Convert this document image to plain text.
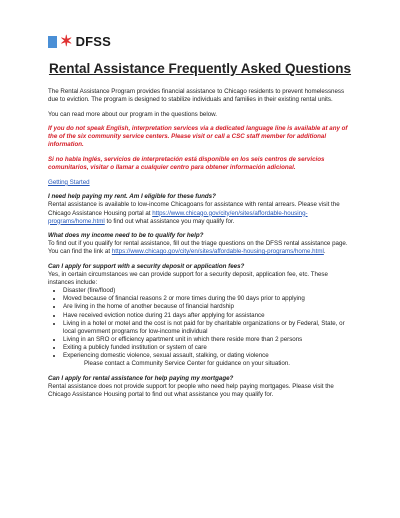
✶ DFSS
Rental Assistance Frequently Asked Questions

The Rental Assistance Program provides financial assistance to Chicago residents to prevent homelessness due to eviction. The program is designed to stabilize individuals and families in their existing rental units.

You can read more about our program in the questions below.

If you do not speak English, interpretation services via a dedicated language line is available at any of the of the six community service centers. Please visit or call a CSC staff member for additional information.

Si no habla Inglés, servicios de interpretación está disponible en los seis centros de servicios comunitarios, visitar o llamar a cualquier centro para obtener información adicional.

Getting Started

I need help paying my rent. Am I eligible for these funds?

Rental assistance is available to low-income Chicagoans for assistance with rental arrears. Please visit the Chicago Assistance Housing portal at https://www.chicago.gov/city/en/sites/affordable-housing-programs/home.html to find out what assistance you may qualify for.

What does my income need to be to qualify for help?

To find out if you qualify for rental assistance, fill out the triage questions on the DFSS rental assistance page. You can find the link at https://www.chicago.gov/city/en/sites/affordable-housing-programs/home.html.

Can I apply for support with a security deposit or application fees?

Yes, in certain circumstances we can provide support for a security deposit, application fee, etc. These instances include:

• Disaster (fire/flood)
• Moved because of financial reasons 2 or more times during the 90 days prior to applying
• Are living in the home of another because of financial hardship
• Have received eviction notice during 21 days after applying for assistance
• Living in a hotel or motel and the cost is not paid for by charitable organizations or by Federal, State, or local government programs for low-income individual
• Living in an SRO or efficiency apartment unit in which there reside more than 2 persons
• Exiting a publicly funded institution or system of care
• Experiencing domestic violence, sexual assault, stalking, or dating violence

Please contact a Community Service Center for guidance on your situation.

Can I apply for rental assistance for help paying my mortgage?

Rental assistance does not provide support for people who need help paying mortgages. Please visit the Chicago Assistance Housing portal to find out what assistance you may qualify for.
